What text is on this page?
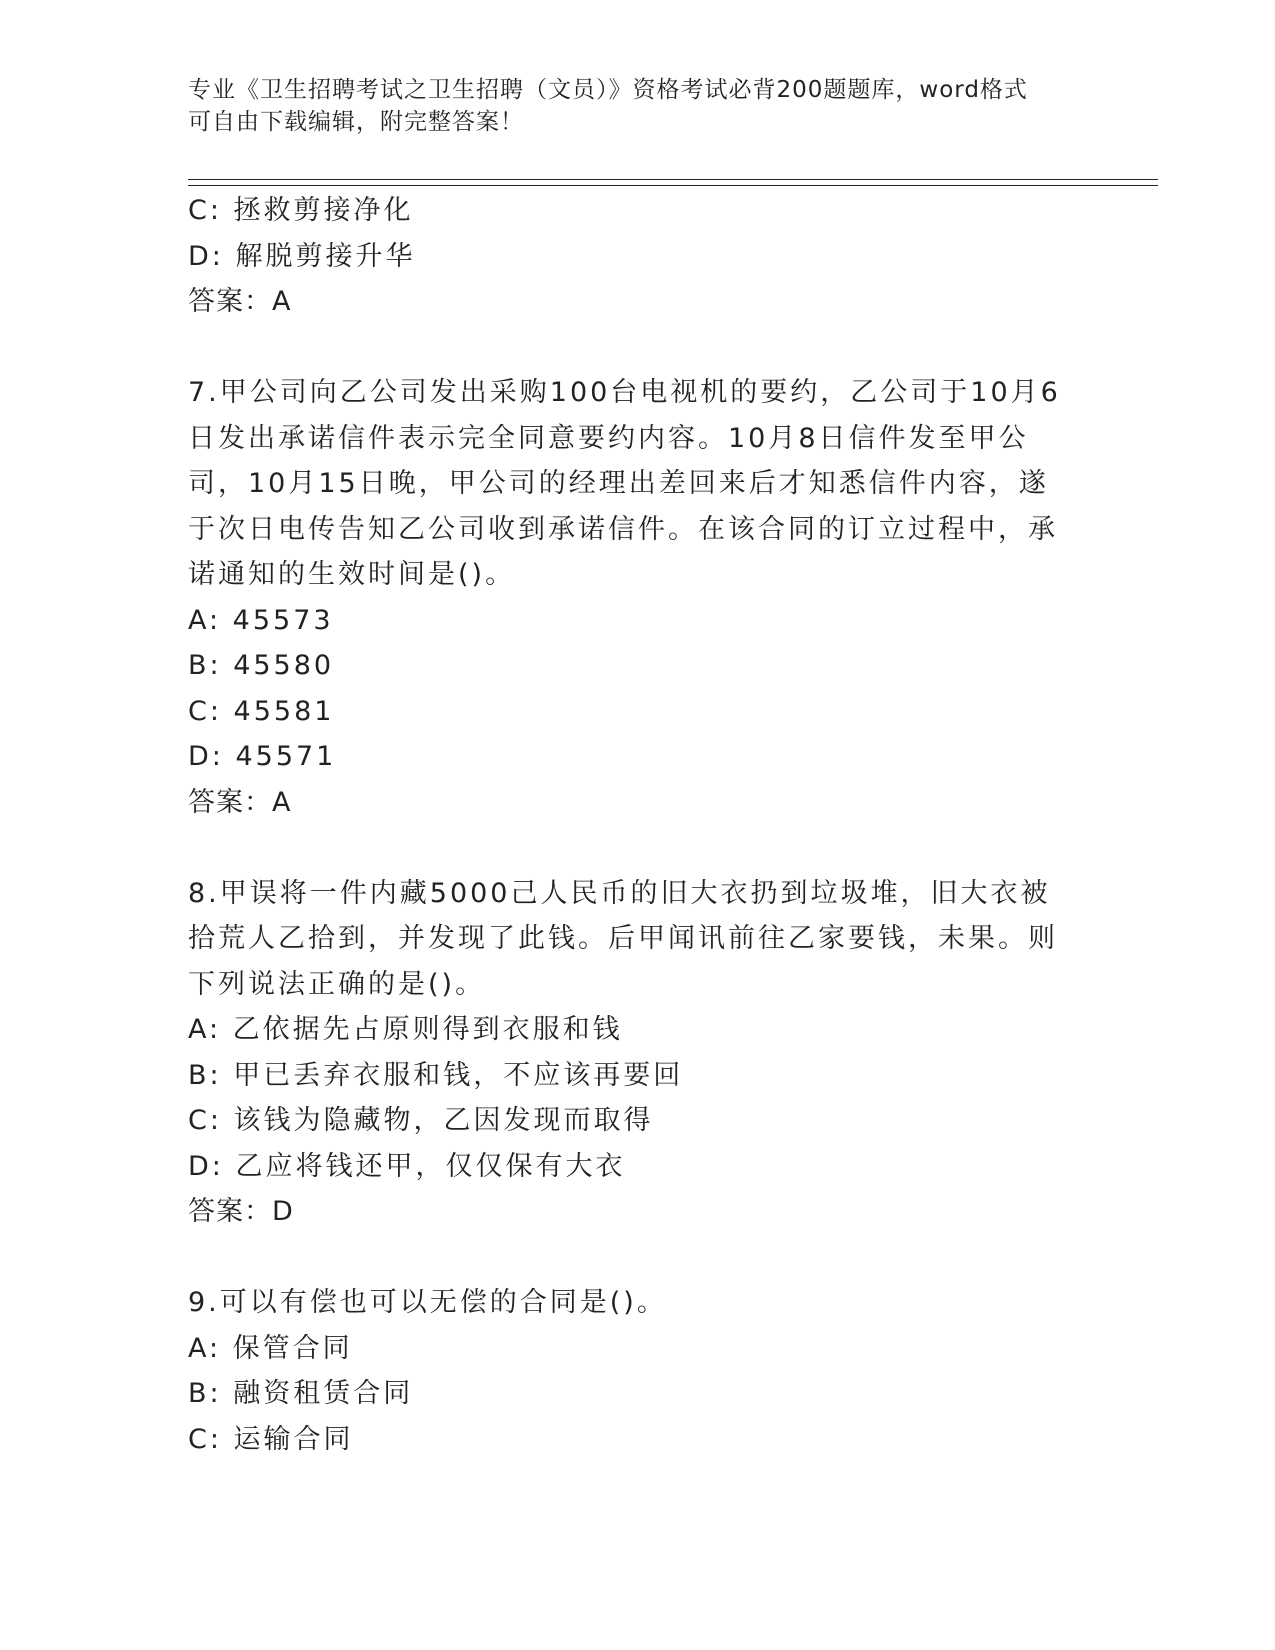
专业《卫生招聘考试之卫生招聘（文员）》资格考试必背200题题库，word格式
可自由下载编辑，附完整答案！
C: 拯救剪接净化
D: 解脱剪接升华
答案：A
7.甲公司向乙公司发出采购100台电视机的要约，乙公司于10月6日发出承诺信件表示完全同意要约内容。10月8日信件发至甲公司，10月15日晚，甲公司的经理出差回来后才知悉信件内容，遂于次日电传告知乙公司收到承诺信件。在该合同的订立过程中，承诺通知的生效时间是()。
A: 45573
B: 45580
C: 45581
D: 45571
答案：A
8.甲误将一件内藏5000己人民币的旧大衣扔到垃圾堆，旧大衣被拾荒人乙拾到，并发现了此钱。后甲闻讯前往乙家要钱，未果。则下列说法正确的是()。
A: 乙依据先占原则得到衣服和钱
B: 甲已丢弃衣服和钱，不应该再要回
C: 该钱为隐藏物，乙因发现而取得
D: 乙应将钱还甲，仅仅保有大衣
答案：D
9.可以有偿也可以无偿的合同是()。
A: 保管合同
B: 融资租赁合同
C: 运输合同
